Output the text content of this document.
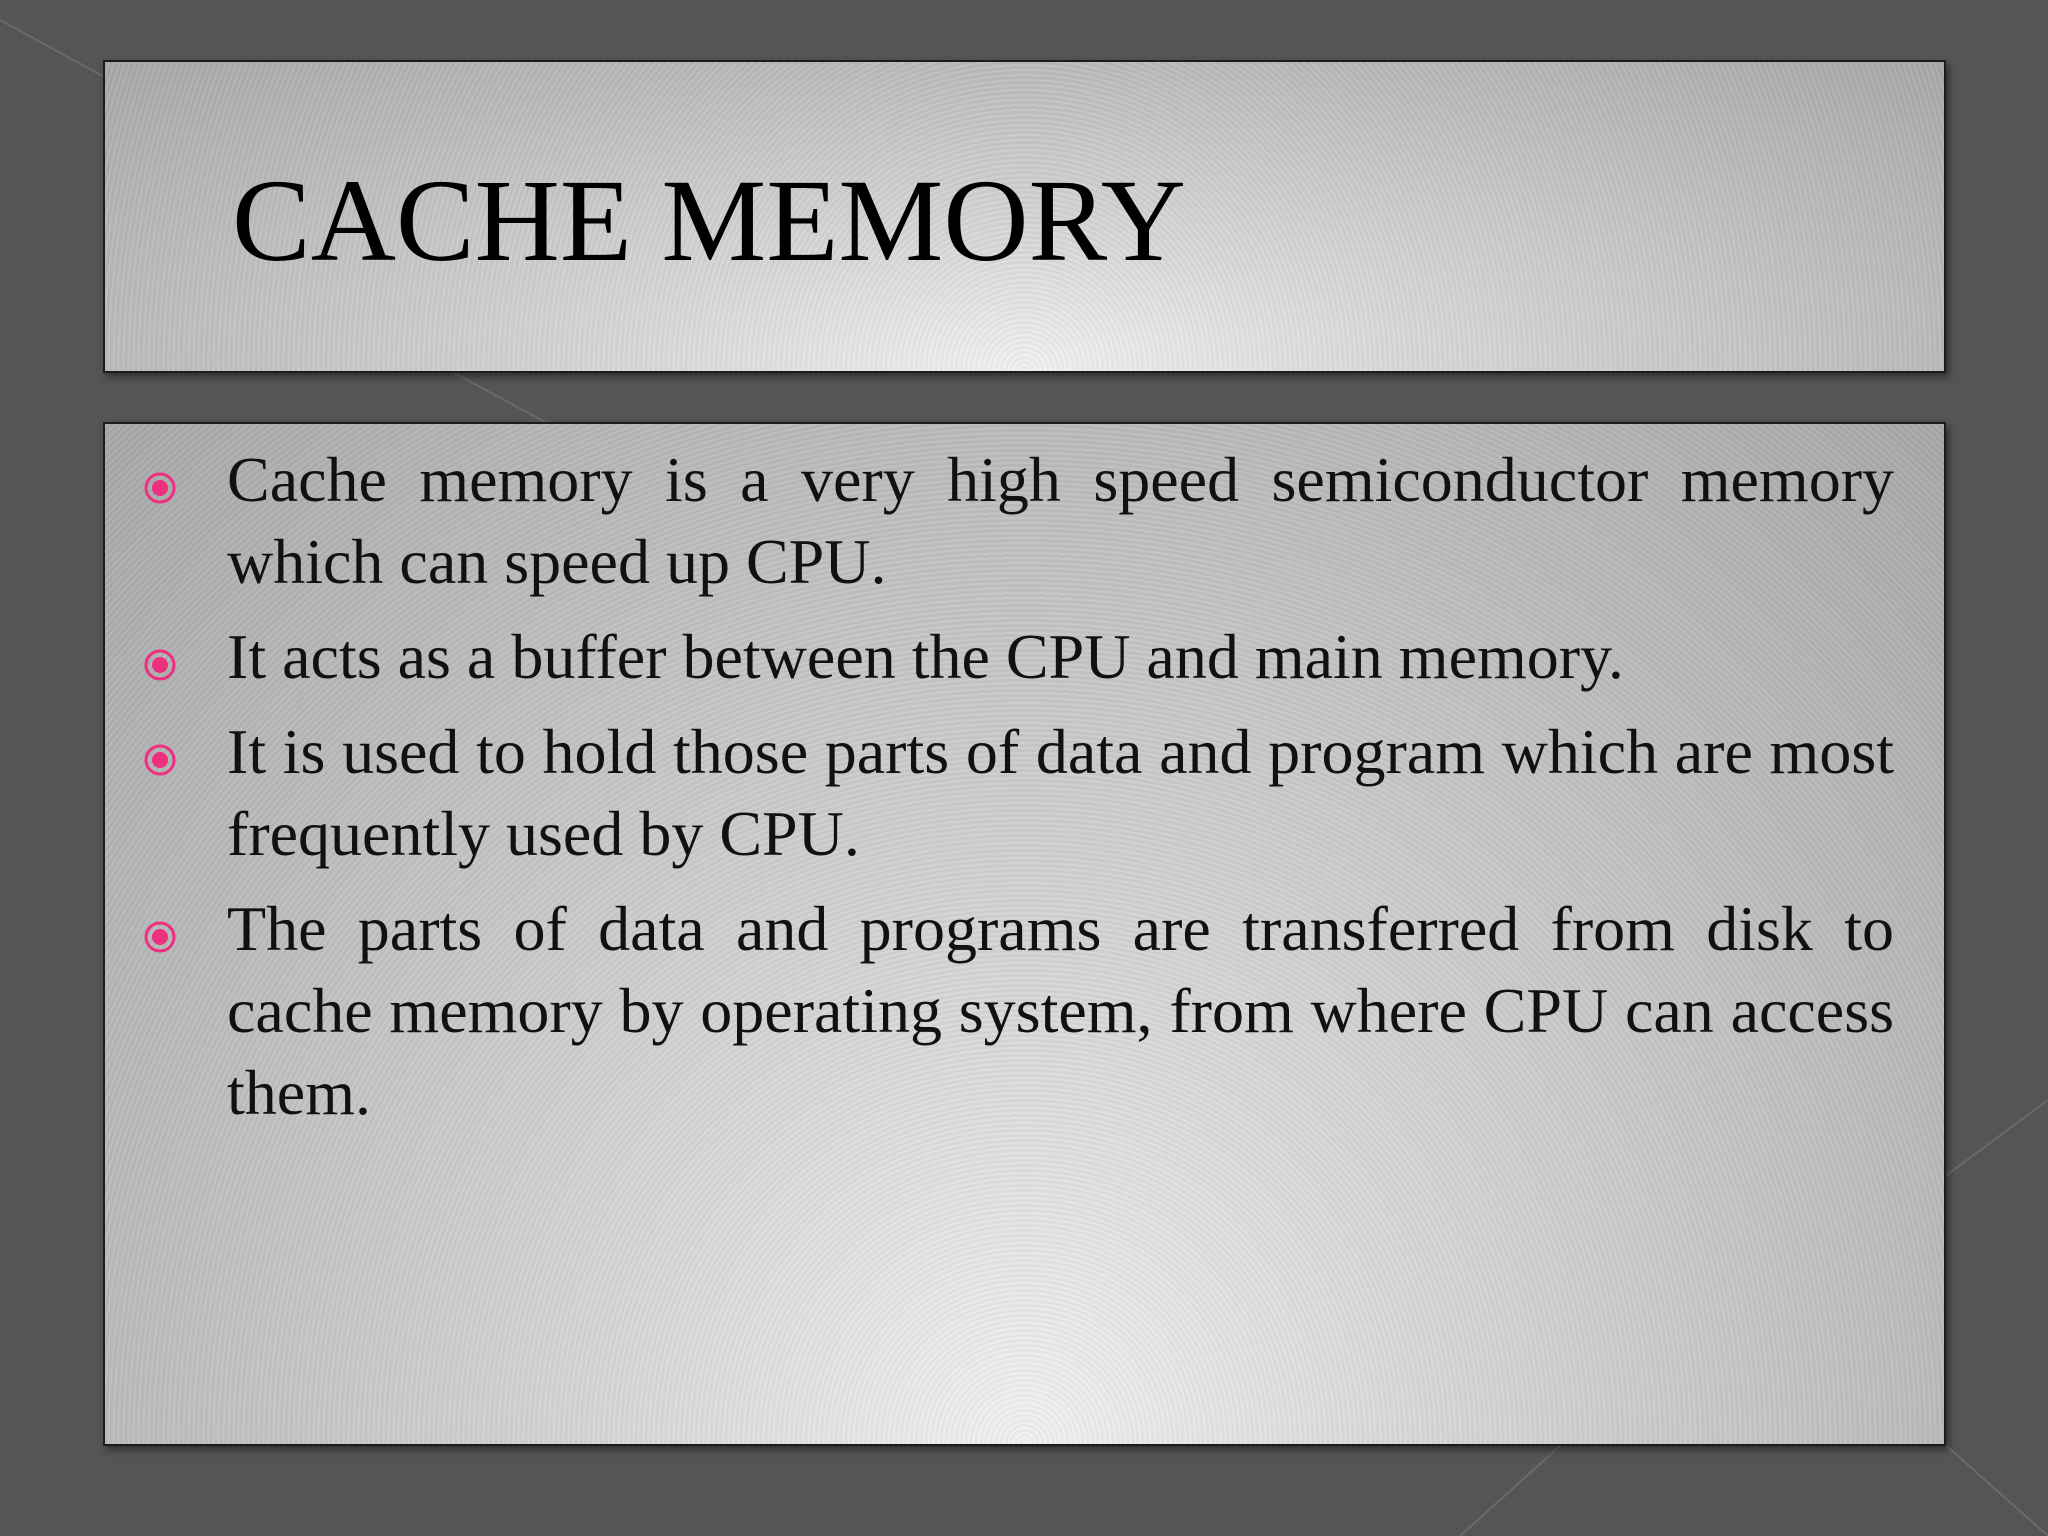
CACHE MEMORY
Cache memory is a very high speed semiconductor memory which can speed up CPU.
It acts as a buffer between the CPU and main memory.
It is used to hold those parts of data and program which are most frequently used by CPU.
The parts of data and programs are transferred from disk to cache memory by operating system, from where CPU can access them.
